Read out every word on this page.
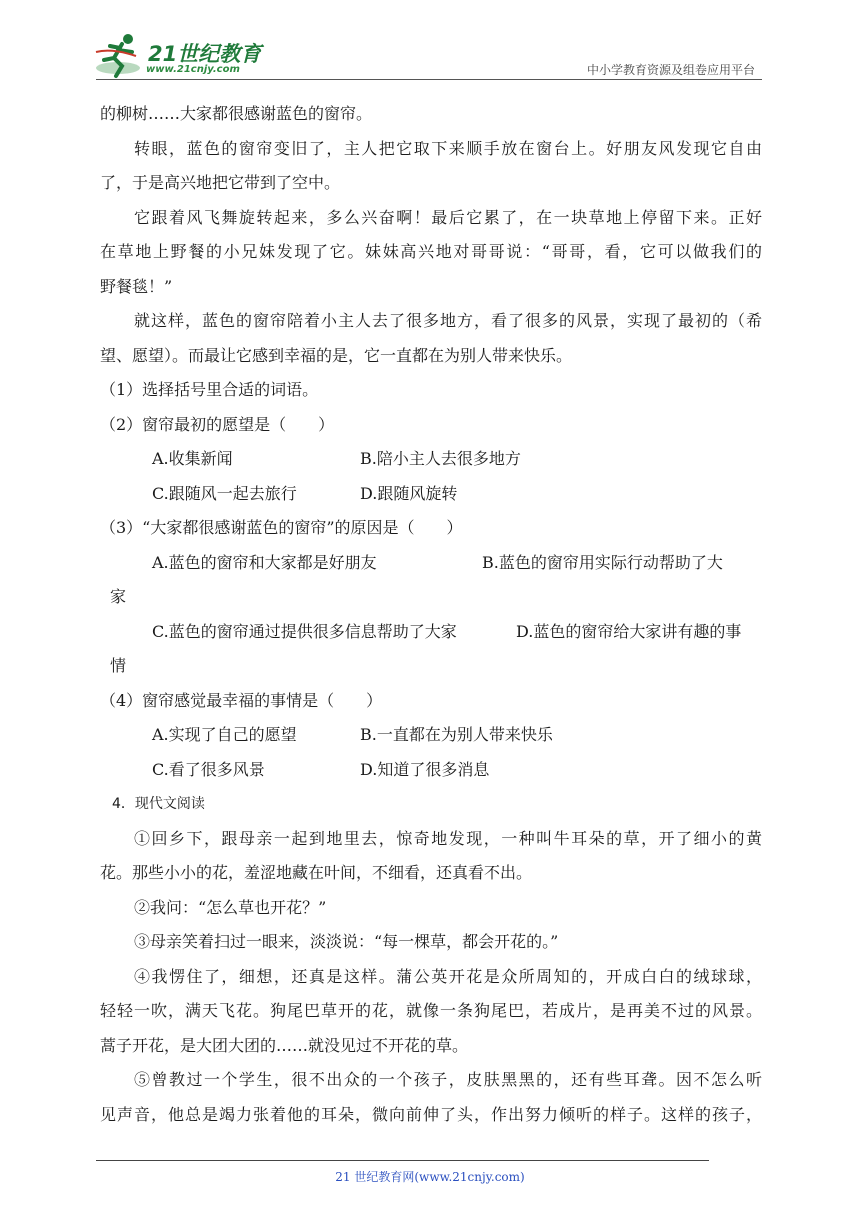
21世纪教育
www.21cnjy.com	中小学教育资源及组卷应用平台
的柳树……大家都很感谢蓝色的窗帘。
转眼，蓝色的窗帘变旧了，主人把它取下来顺手放在窗台上。好朋友风发现它自由
了，于是高兴地把它带到了空中。
它跟着风飞舞旋转起来，多么兴奋啊！最后它累了，在一块草地上停留下来。正好
在草地上野餐的小兄妹发现了它。妹妹高兴地对哥哥说：“哥哥，看，它可以做我们的
野餐毯！”
就这样，蓝色的窗帘陪着小主人去了很多地方，看了很多的风景，实现了最初的（希
望、愿望）。而最让它感到幸福的是，它一直都在为别人带来快乐。
（1）选择括号里合适的词语。
（2）窗帘最初的愿望是（　　）
A.收集新闻	B.陪小主人去很多地方
C.跟随风一起去旅行	D.跟随风旋转
（3）“大家都很感谢蓝色的窗帘”的原因是（　　）
A.蓝色的窗帘和大家都是好朋友	B.蓝色的窗帘用实际行动帮助了大
家
C.蓝色的窗帘通过提供很多信息帮助了大家	D.蓝色的窗帘给大家讲有趣的事
情
（4）窗帘感觉最幸福的事情是（　　）
A.实现了自己的愿望	B.一直都在为别人带来快乐
C.看了很多风景	D.知道了很多消息
4．现代文阅读
①回乡下，跟母亲一起到地里去，惊奇地发现，一种叫牛耳朵的草，开了细小的黄
花。那些小小的花，羞涩地藏在叶间，不细看，还真看不出。
②我问：“怎么草也开花？”
③母亲笑着扫过一眼来，淡淡说：“每一棵草，都会开花的。”
④我愣住了，细想，还真是这样。蒲公英开花是众所周知的，开成白白的绒球球，
轻轻一吹，满天飞花。狗尾巴草开的花，就像一条狗尾巴，若成片，是再美不过的风景。
蒿子开花，是大团大团的……就没见过不开花的草。
⑤曾教过一个学生，很不出众的一个孩子，皮肤黑黑的，还有些耳聋。因不怎么听
见声音，他总是竭力张着他的耳朵，微向前伸了头，作出努力倾听的样子。这样的孩子，
21 世纪教育网(www.21cnjy.com)
